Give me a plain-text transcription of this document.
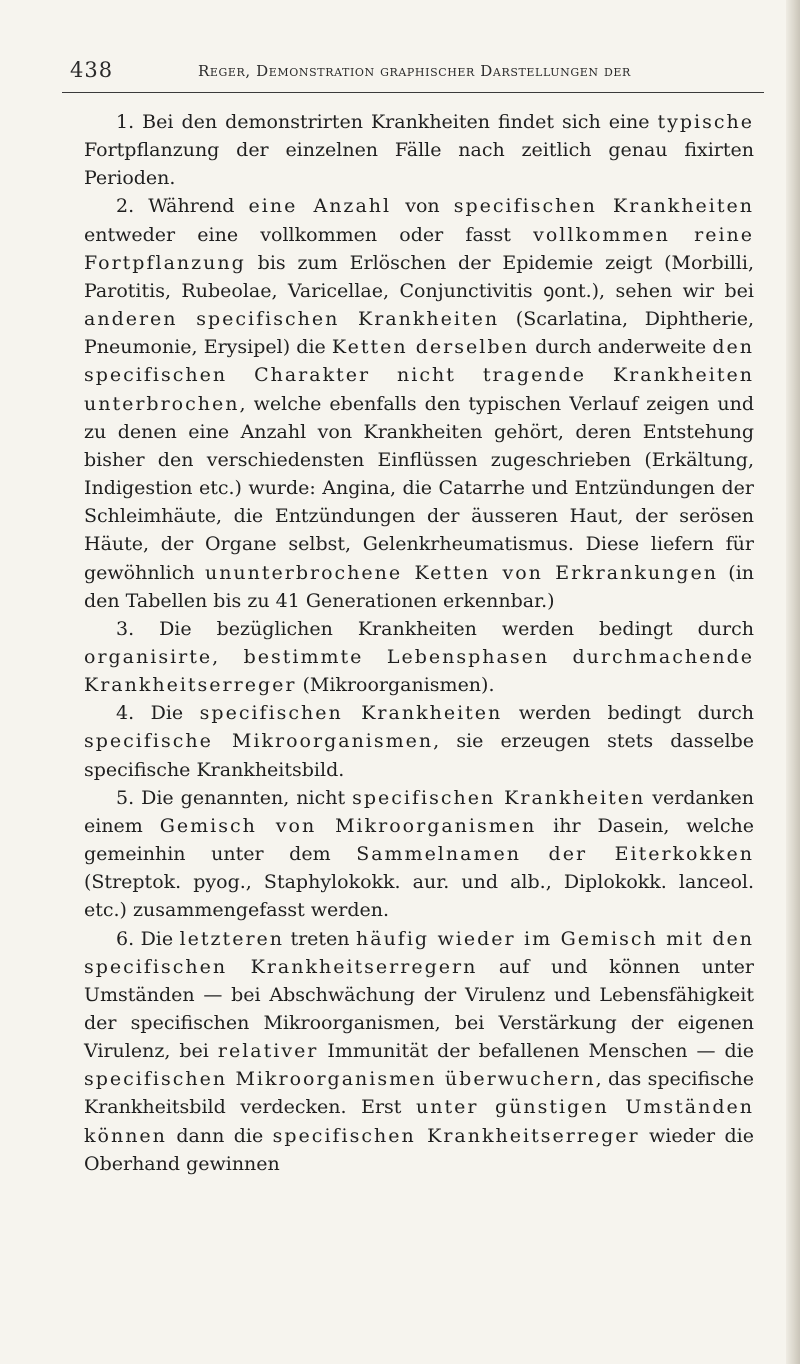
438	Reger, Demonstration graphischer Darstellungen der

1. Bei den demonstrirten Krankheiten findet sich eine typische Fortpflanzung der einzelnen Fälle nach zeitlich genau fixirten Perioden.

2. Während eine Anzahl von specifischen Krankheiten entweder eine vollkommen oder fasst vollkommen reine Fortpflanzung bis zum Erlöschen der Epidemie zeigt (Morbilli, Parotitis, Rubeolae, Varicellae, Conjunctivitis ꝯont.), sehen wir bei anderen specifischen Krankheiten (Scarlatina, Diphtherie, Pneumonie, Erysipel) die Ketten derselben durch anderweite den specifischen Charakter nicht tragende Krankheiten unterbrochen, welche ebenfalls den typischen Verlauf zeigen und zu denen eine Anzahl von Krankheiten gehört, deren Entstehung bisher den verschiedensten Einflüssen zugeschrieben (Erkältung, Indigestion etc.) wurde: Angina, die Catarrhe und Entzündungen der Schleimhäute, die Entzündungen der äusseren Haut, der serösen Häute, der Organe selbst, Gelenkrheumatismus. Diese liefern für gewöhnlich ununterbrochene Ketten von Erkrankungen (in den Tabellen bis zu 41 Generationen erkennbar.)

3. Die bezüglichen Krankheiten werden bedingt durch organisirte, bestimmte Lebensphasen durchmachende Krankheitserreger (Mikroorganismen).

4. Die specifischen Krankheiten werden bedingt durch specifische Mikroorganismen, sie erzeugen stets dasselbe specifische Krankheitsbild.

5. Die genannten, nicht specifischen Krankheiten verdanken einem Gemisch von Mikroorganismen ihr Dasein, welche gemeinhin unter dem Sammelnamen der Eiterkokken (Streptok. pyog., Staphylokokk. aur. und alb., Diplokokk. lanceol. etc.) zusammengefasst werden.

6. Die letzteren treten häufig wieder im Gemisch mit den specifischen Krankheitserregern auf und können unter Umständen — bei Abschwächung der Virulenz und Lebensfähigkeit der specifischen Mikroorganismen, bei Verstärkung der eigenen Virulenz, bei relativer Immunität der befallenen Menschen — die specifischen Mikroorganismen überwuchern, das specifische Krankheitsbild verdecken. Erst unter günstigen Umständen können dann die specifischen Krankheitserreger wieder die Oberhand gewinnen
